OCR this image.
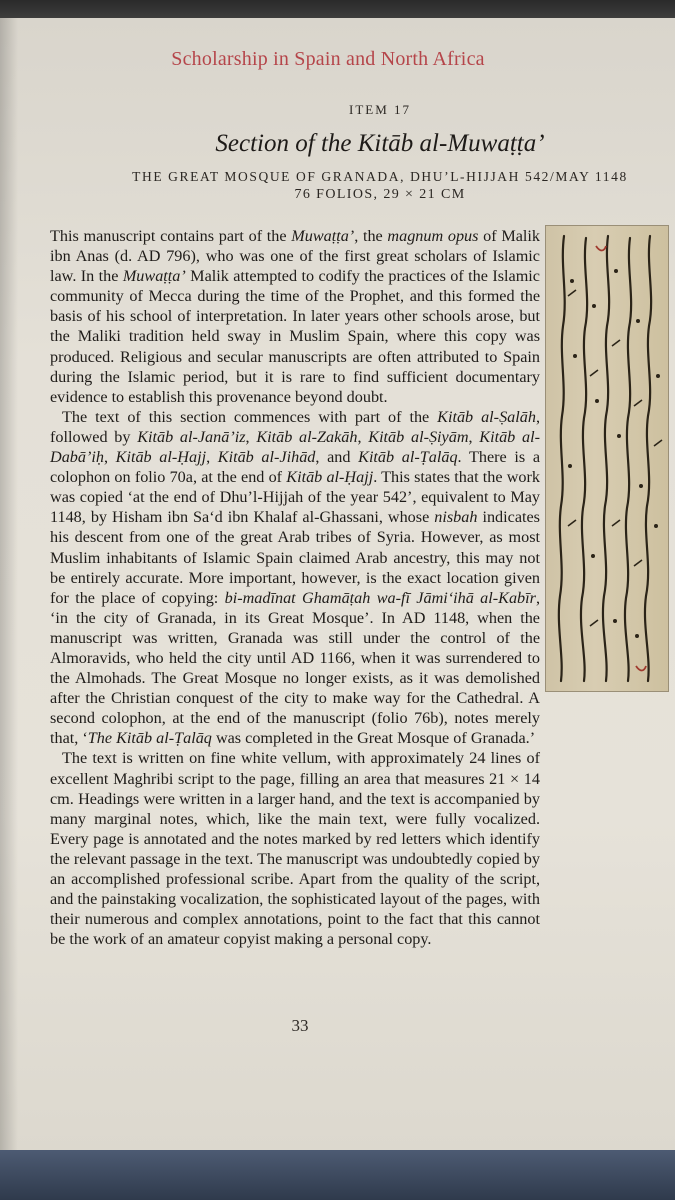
Scholarship in Spain and North Africa
ITEM 17
Section of the Kitāb al-Muwaṭṭa’
THE GREAT MOSQUE OF GRANADA, DHU’L-HIJJAH 542/MAY 1148
76 FOLIOS, 29 × 21 CM

This manuscript contains part of the Muwaṭṭa’, the magnum opus of Malik ibn Anas (d. AD 796), who was one of the first great scholars of Islamic law. In the Muwaṭṭa’ Malik attempted to codify the practices of the Islamic community of Mecca during the time of the Prophet, and this formed the basis of his school of interpretation. In later years other schools arose, but the Maliki tradition held sway in Muslim Spain, where this copy was produced. Religious and secular manuscripts are often attributed to Spain during the Islamic period, but it is rare to find sufficient documentary evidence to establish this provenance beyond doubt.

The text of this section commences with part of the Kitāb al-Ṣalāh, followed by Kitāb al-Janā’iz, Kitāb al-Zakāh, Kitāb al-Ṣiyām, Kitāb al-Dabā’iḥ, Kitāb al-Ḥajj, Kitāb al-Jihād, and Kitāb al-Ṭalāq. There is a colophon on folio 70a, at the end of Kitāb al-Ḥajj. This states that the work was copied ‘at the end of Dhu’l-Hijjah of the year 542’, equivalent to May 1148, by Hisham ibn Sa‘d ibn Khalaf al-Ghassani, whose nisbah indicates his descent from one of the great Arab tribes of Syria. However, as most Muslim inhabitants of Islamic Spain claimed Arab ancestry, this may not be entirely accurate. More important, however, is the exact location given for the place of copying: bi-madīnat Ghamāṭah wa-fī Jāmi‘ihā al-Kabīr, ‘in the city of Granada, in its Great Mosque’. In AD 1148, when the manuscript was written, Granada was still under the control of the Almoravids, who held the city until AD 1166, when it was surrendered to the Almohads. The Great Mosque no longer exists, as it was demolished after the Christian conquest of the city to make way for the Cathedral. A second colophon, at the end of the manuscript (folio 76b), notes merely that, ‘The Kitāb al-Ṭalāq was completed in the Great Mosque of Granada.’

The text is written on fine white vellum, with approximately 24 lines of excellent Maghribi script to the page, filling an area that measures 21 × 14 cm. Headings were written in a larger hand, and the text is accompanied by many marginal notes, which, like the main text, were fully vocalized. Every page is annotated and the notes marked by red letters which identify the relevant passage in the text. The manuscript was undoubtedly copied by an accomplished professional scribe. Apart from the quality of the script, and the painstaking vocalization, the sophisticated layout of the pages, with their numerous and complex annotations, point to the fact that this cannot be the work of an amateur copyist making a personal copy.

33
